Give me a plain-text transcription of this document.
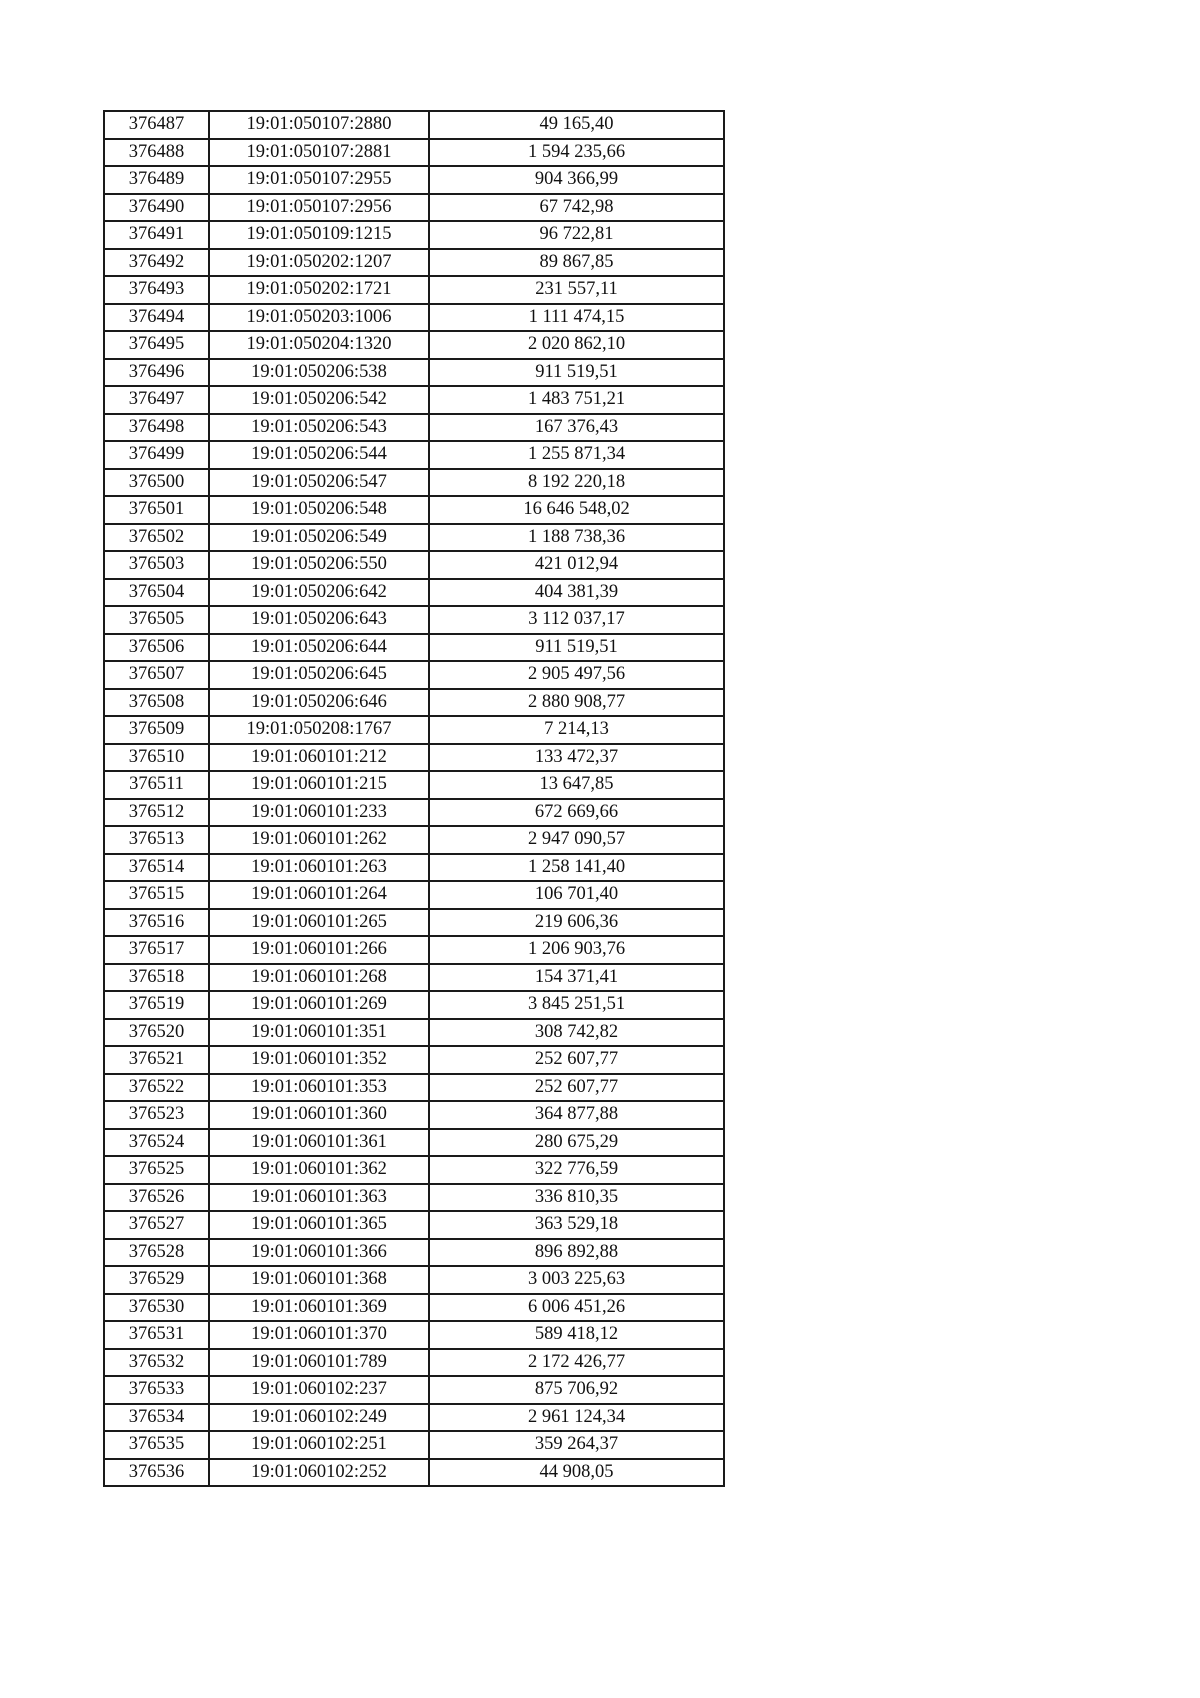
376487	19:01:050107:2880	49 165,40
376488	19:01:050107:2881	1 594 235,66
376489	19:01:050107:2955	904 366,99
376490	19:01:050107:2956	67 742,98
376491	19:01:050109:1215	96 722,81
376492	19:01:050202:1207	89 867,85
376493	19:01:050202:1721	231 557,11
376494	19:01:050203:1006	1 111 474,15
376495	19:01:050204:1320	2 020 862,10
376496	19:01:050206:538	911 519,51
376497	19:01:050206:542	1 483 751,21
376498	19:01:050206:543	167 376,43
376499	19:01:050206:544	1 255 871,34
376500	19:01:050206:547	8 192 220,18
376501	19:01:050206:548	16 646 548,02
376502	19:01:050206:549	1 188 738,36
376503	19:01:050206:550	421 012,94
376504	19:01:050206:642	404 381,39
376505	19:01:050206:643	3 112 037,17
376506	19:01:050206:644	911 519,51
376507	19:01:050206:645	2 905 497,56
376508	19:01:050206:646	2 880 908,77
376509	19:01:050208:1767	7 214,13
376510	19:01:060101:212	133 472,37
376511	19:01:060101:215	13 647,85
376512	19:01:060101:233	672 669,66
376513	19:01:060101:262	2 947 090,57
376514	19:01:060101:263	1 258 141,40
376515	19:01:060101:264	106 701,40
376516	19:01:060101:265	219 606,36
376517	19:01:060101:266	1 206 903,76
376518	19:01:060101:268	154 371,41
376519	19:01:060101:269	3 845 251,51
376520	19:01:060101:351	308 742,82
376521	19:01:060101:352	252 607,77
376522	19:01:060101:353	252 607,77
376523	19:01:060101:360	364 877,88
376524	19:01:060101:361	280 675,29
376525	19:01:060101:362	322 776,59
376526	19:01:060101:363	336 810,35
376527	19:01:060101:365	363 529,18
376528	19:01:060101:366	896 892,88
376529	19:01:060101:368	3 003 225,63
376530	19:01:060101:369	6 006 451,26
376531	19:01:060101:370	589 418,12
376532	19:01:060101:789	2 172 426,77
376533	19:01:060102:237	875 706,92
376534	19:01:060102:249	2 961 124,34
376535	19:01:060102:251	359 264,37
376536	19:01:060102:252	44 908,05
